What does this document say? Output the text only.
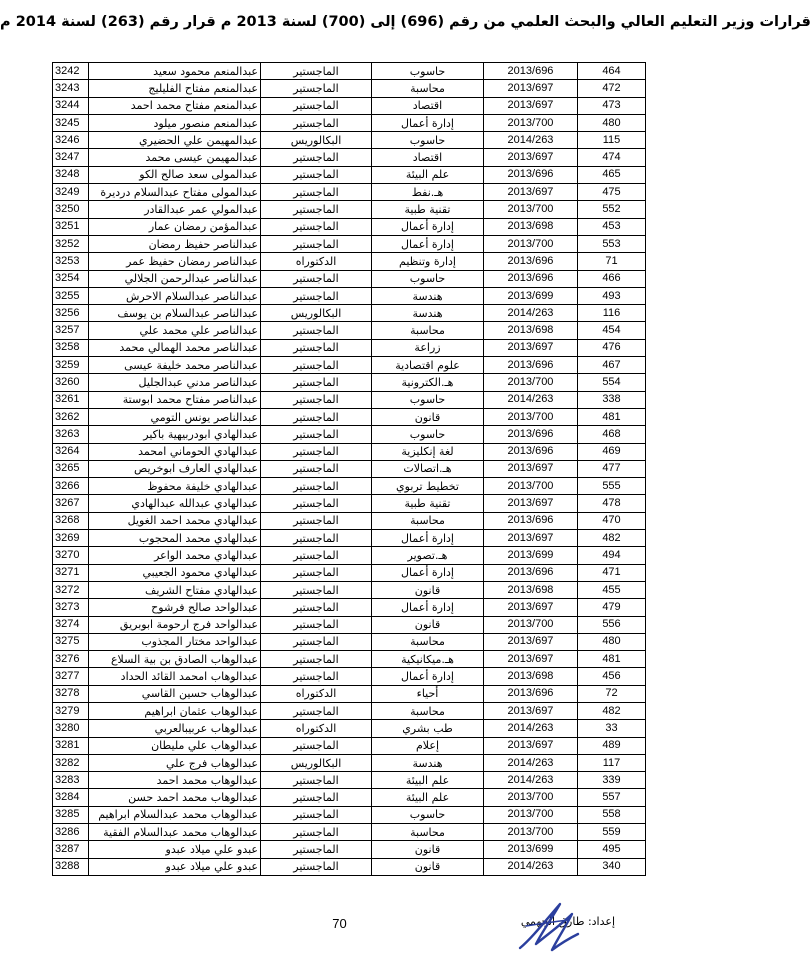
قرارات وزير التعليم العالي والبحث العلمي من رقم (696) إلى (700) لسنة 2013 م قرار رقم (263) لسنة 2014 م
3242	عبدالمنعم محمود سعيد	الماجستير	حاسوب	2013/696	464
3243	عبدالمنعم مفتاح الفليليج	الماجستير	محاسبة	2013/697	472
3244	عبدالمنعم مفتاح محمد احمد	الماجستير	اقتصاد	2013/697	473
3245	عبدالمنعم منصور ميلود	الماجستير	إدارة أعمال	2013/700	480
3246	عبدالمهيمن علي الحضيري	البكالوريس	حاسوب	2014/263	115
3247	عبدالمهيمن عيسى محمد	الماجستير	اقتصاد	2013/697	474
3248	عبدالمولى سعد صالح الكو	الماجستير	علم البيئة	2013/696	465
3249	عبدالمولى مفتاح عبدالسلام درديرة	الماجستير	هـ.نفط	2013/697	475
3250	عبدالمولي عمر عبدالقادر	الماجستير	تقنية طبية	2013/700	552
3251	عبدالمؤمن رمضان عمار	الماجستير	إدارة أعمال	2013/698	453
3252	عبدالناصر حفيظ رمضان	الماجستير	إدارة أعمال	2013/700	553
3253	عبدالناصر رمضان حفيظ عمر	الدكتوراه	إدارة وتنظيم	2013/696	71
3254	عبدالناصر عبدالرحمن الجلالي	الماجستير	حاسوب	2013/696	466
3255	عبدالناصر عبدالسلام الاحرش	الماجستير	هندسة	2013/699	493
3256	عبدالناصر عبدالسلام بن يوسف	البكالوريس	هندسة	2014/263	116
3257	عبدالناصر علي محمد علي	الماجستير	محاسبة	2013/698	454
3258	عبدالناصر محمد الهمالي محمد	الماجستير	زراعة	2013/697	476
3259	عبدالناصر محمد خليفة عيسى	الماجستير	علوم اقتصادية	2013/696	467
3260	عبدالناصر مدني عبدالجليل	الماجستير	هـ.الكترونية	2013/700	554
3261	عبدالناصر مفتاح محمد ابوستة	الماجستير	حاسوب	2014/263	338
3262	عبدالناصر يونس التومي	الماجستير	قانون	2013/700	481
3263	عبدالهادي ابودربيهية باكير	الماجستير	حاسوب	2013/696	468
3264	عبدالهادي الحوماني امحمد	الماجستير	لغة إنكليزية	2013/696	469
3265	عبدالهادي العارف ابوخريص	الماجستير	هـ.اتصالات	2013/697	477
3266	عبدالهادي خليفة محفوظ	الماجستير	تخطيط تربوي	2013/700	555
3267	عبدالهادي عبدالله عبدالهادي	الماجستير	تقنية طبية	2013/697	478
3268	عبدالهادي محمد احمد الغويل	الماجستير	محاسبة	2013/696	470
3269	عبدالهادي محمد المحجوب	الماجستير	إدارة أعمال	2013/697	482
3270	عبدالهادي محمد الواعر	الماجستير	هـ.تصوير	2013/699	494
3271	عبدالهادي محمود الجعيبي	الماجستير	إدارة أعمال	2013/696	471
3272	عبدالهادي مفتاح الشريف	الماجستير	قانون	2013/698	455
3273	عبدالواحد صالح فرشوح	الماجستير	إدارة أعمال	2013/697	479
3274	عبدالواحد فرج ارحومة ابوبريق	الماجستير	قانون	2013/700	556
3275	عبدالواحد مختار المجذوب	الماجستير	محاسبة	2013/697	480
3276	عبدالوهاب الصادق بن بية السلاع	الماجستير	هـ.ميكانيكية	2013/697	481
3277	عبدالوهاب امحمد القائد الحداد	الماجستير	إدارة أعمال	2013/698	456
3278	عبدالوهاب حسين القاسي	الدكتوراه	أحياء	2013/696	72
3279	عبدالوهاب عثمان ابراهيم	الماجستير	محاسبة	2013/697	482
3280	عبدالوهاب عربيبالعربي	الدكتوراه	طب بشري	2014/263	33
3281	عبدالوهاب علي مليطان	الماجستير	إعلام	2013/697	489
3282	عبدالوهاب فرج علي	البكالوريس	هندسة	2014/263	117
3283	عبدالوهاب محمد احمد	الماجستير	علم البيئة	2014/263	339
3284	عبدالوهاب محمد احمد حسن	الماجستير	علم البيئة	2013/700	557
3285	عبدالوهاب محمد عبدالسلام ابراهيم	الماجستير	حاسوب	2013/700	558
3286	عبدالوهاب محمد عبدالسلام الفقية	الماجستير	محاسبة	2013/700	559
3287	عبدو علي ميلاد عبدو	الماجستير	قانون	2013/699	495
3288	عبدو علي ميلاد عبدو	الماجستير	قانون	2014/263	340
70	إعداد: طارق الجهمي
